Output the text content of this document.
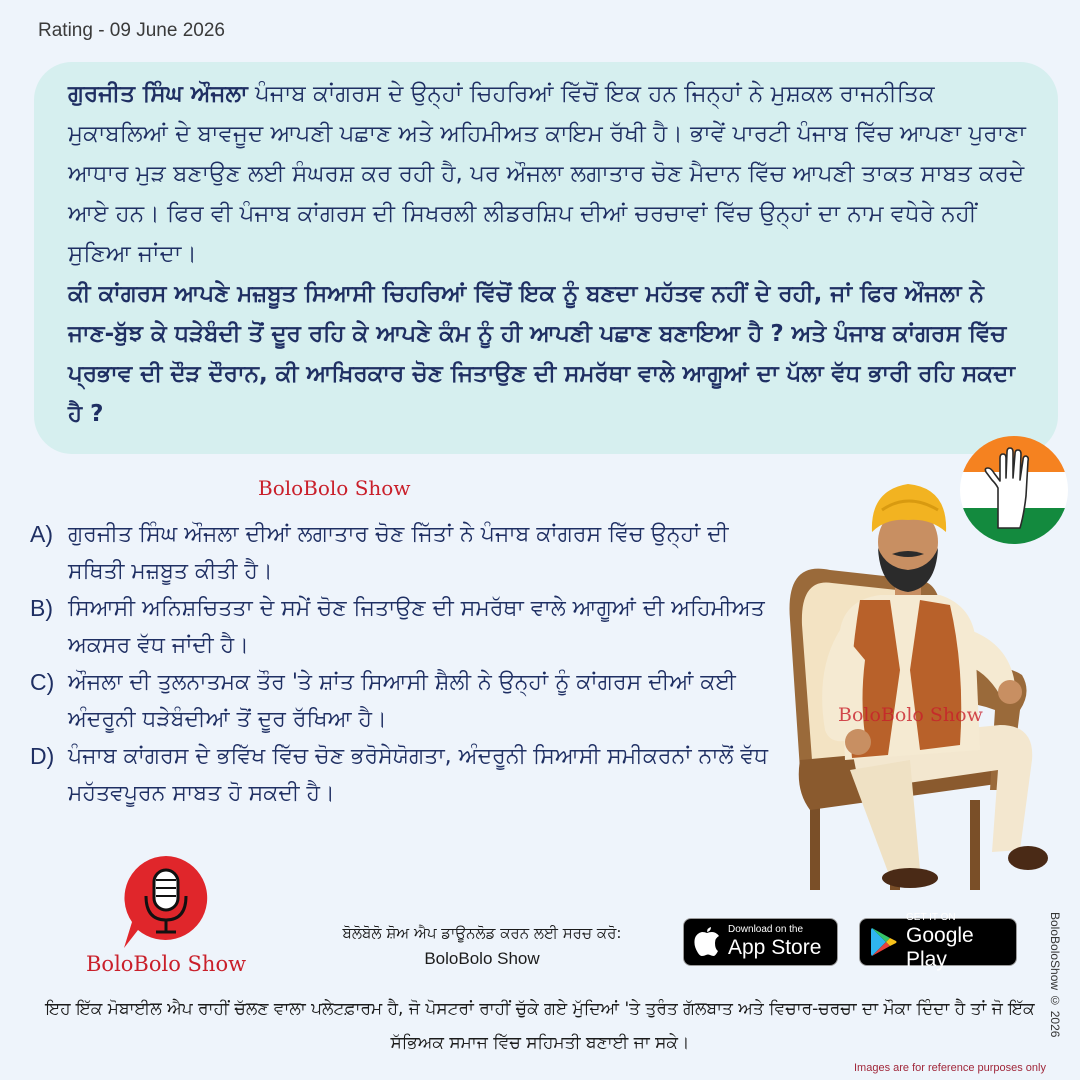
Rating - 09 June 2026
ਗੁਰਜੀਤ ਸਿੰਘ ਔਜਲਾ ਪੰਜਾਬ ਕਾਂਗਰਸ ਦੇ ਉਨ੍ਹਾਂ ਚਿਹਰਿਆਂ ਵਿੱਚੋਂ ਇਕ ਹਨ ਜਿਨ੍ਹਾਂ ਨੇ ਮੁਸ਼ਕਲ ਰਾਜਨੀਤਿਕ ਮੁਕਾਬਲਿਆਂ ਦੇ ਬਾਵਜੂਦ ਆਪਣੀ ਪਛਾਣ ਅਤੇ ਅਹਿਮੀਅਤ ਕਾਇਮ ਰੱਖੀ ਹੈ। ਭਾਵੇਂ ਪਾਰਟੀ ਪੰਜਾਬ ਵਿੱਚ ਆਪਣਾ ਪੁਰਾਣਾ ਆਧਾਰ ਮੁੜ ਬਣਾਉਣ ਲਈ ਸੰਘਰਸ਼ ਕਰ ਰਹੀ ਹੈ, ਪਰ ਔਜਲਾ ਲਗਾਤਾਰ ਚੋਣ ਮੈਦਾਨ ਵਿੱਚ ਆਪਣੀ ਤਾਕਤ ਸਾਬਤ ਕਰਦੇ ਆਏ ਹਨ। ਫਿਰ ਵੀ ਪੰਜਾਬ ਕਾਂਗਰਸ ਦੀ ਸਿਖਰਲੀ ਲੀਡਰਸ਼ਿਪ ਦੀਆਂ ਚਰਚਾਵਾਂ ਵਿੱਚ ਉਨ੍ਹਾਂ ਦਾ ਨਾਮ ਵਧੇਰੇ ਨਹੀਂ ਸੁਣਿਆ ਜਾਂਦਾ।
ਕੀ ਕਾਂਗਰਸ ਆਪਣੇ ਮਜ਼ਬੂਤ ਸਿਆਸੀ ਚਿਹਰਿਆਂ ਵਿੱਚੋਂ ਇਕ ਨੂੰ ਬਣਦਾ ਮਹੱਤਵ ਨਹੀਂ ਦੇ ਰਹੀ, ਜਾਂ ਫਿਰ ਔਜਲਾ ਨੇ ਜਾਣ-ਬੁੱਝ ਕੇ ਧੜੇਬੰਦੀ ਤੋਂ ਦੂਰ ਰਹਿ ਕੇ ਆਪਣੇ ਕੰਮ ਨੂੰ ਹੀ ਆਪਣੀ ਪਛਾਣ ਬਣਾਇਆ ਹੈ ? ਅਤੇ ਪੰਜਾਬ ਕਾਂਗਰਸ ਵਿੱਚ ਪ੍ਰਭਾਵ ਦੀ ਦੌੜ ਦੌਰਾਨ, ਕੀ ਆਖ਼ਿਰਕਾਰ ਚੋਣ ਜਿਤਾਉਣ ਦੀ ਸਮਰੱਥਾ ਵਾਲੇ ਆਗੂਆਂ ਦਾ ਪੱਲਾ ਵੱਧ ਭਾਰੀ ਰਹਿ ਸਕਦਾ ਹੈ ?
BoloBolo Show
A) ਗੁਰਜੀਤ ਸਿੰਘ ਔਜਲਾ ਦੀਆਂ ਲਗਾਤਾਰ ਚੋਣ ਜਿੱਤਾਂ ਨੇ ਪੰਜਾਬ ਕਾਂਗਰਸ ਵਿੱਚ ਉਨ੍ਹਾਂ ਦੀ ਸਥਿਤੀ ਮਜ਼ਬੂਤ ਕੀਤੀ ਹੈ।
B) ਸਿਆਸੀ ਅਨਿਸ਼ਚਿਤਤਾ ਦੇ ਸਮੇਂ ਚੋਣ ਜਿਤਾਉਣ ਦੀ ਸਮਰੱਥਾ ਵਾਲੇ ਆਗੂਆਂ ਦੀ ਅਹਿਮੀਅਤ ਅਕਸਰ ਵੱਧ ਜਾਂਦੀ ਹੈ।
C) ਔਜਲਾ ਦੀ ਤੁਲਨਾਤਮਕ ਤੌਰ 'ਤੇ ਸ਼ਾਂਤ ਸਿਆਸੀ ਸ਼ੈਲੀ ਨੇ ਉਨ੍ਹਾਂ ਨੂੰ ਕਾਂਗਰਸ ਦੀਆਂ ਕਈ ਅੰਦਰੂਨੀ ਧੜੇਬੰਦੀਆਂ ਤੋਂ ਦੂਰ ਰੱਖਿਆ ਹੈ।
D) ਪੰਜਾਬ ਕਾਂਗਰਸ ਦੇ ਭਵਿੱਖ ਵਿੱਚ ਚੋਣ ਭਰੋਸੇਯੋਗਤਾ, ਅੰਦਰੂਨੀ ਸਿਆਸੀ ਸਮੀਕਰਨਾਂ ਨਾਲੋਂ ਵੱਧ ਮਹੱਤਵਪੂਰਨ ਸਾਬਤ ਹੋ ਸਕਦੀ ਹੈ।
BoloBolo Show
BoloBolo Show
ਬੋਲੋਬੋਲੋ ਸ਼ੋਅ ਐਪ ਡਾਊਨਲੋਡ ਕਰਨ ਲਈ ਸਰਚ ਕਰੋ:
BoloBolo Show
Download on the
App Store
GET IT ON
Google Play
ਇਹ ਇੱਕ ਮੋਬਾਈਲ ਐਪ ਰਾਹੀਂ ਚੱਲਣ ਵਾਲਾ ਪਲੇਟਫ਼ਾਰਮ ਹੈ, ਜੋ ਪੋਸਟਰਾਂ ਰਾਹੀਂ ਚੁੱਕੇ ਗਏ ਮੁੱਦਿਆਂ 'ਤੇ ਤੁਰੰਤ ਗੱਲਬਾਤ ਅਤੇ ਵਿਚਾਰ-ਚਰਚਾ ਦਾ ਮੌਕਾ ਦਿੰਦਾ ਹੈ ਤਾਂ ਜੋ ਇੱਕ ਸੱਭਿਅਕ ਸਮਾਜ ਵਿੱਚ ਸਹਿਮਤੀ ਬਣਾਈ ਜਾ ਸਕੇ।
BoloBoloShow © 2026
Images are for reference purposes only
